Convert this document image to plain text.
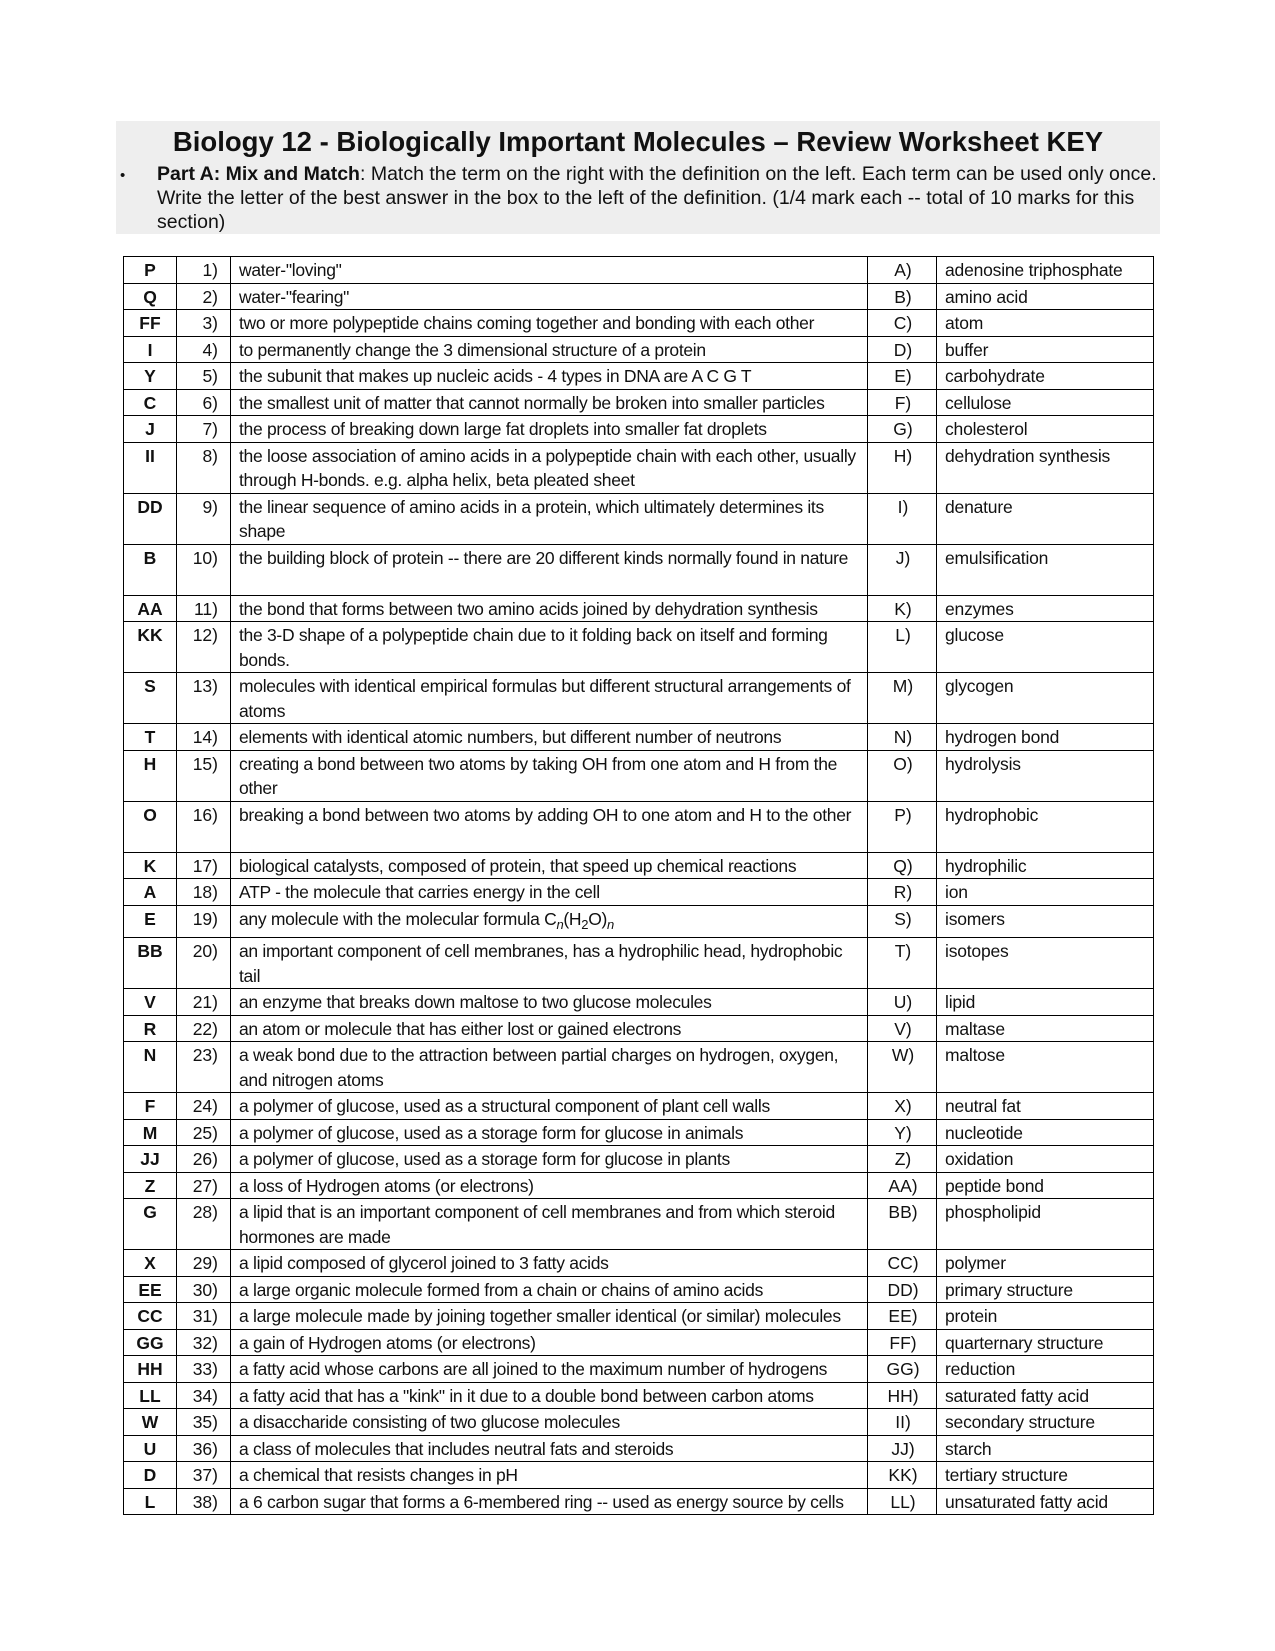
Biology 12 - Biologically Important Molecules – Review Worksheet KEY
• Part A: Mix and Match: Match the term on the right with the definition on the left. Each term can be used only once. Write the letter of the best answer in the box to the left of the definition. (1/4 mark each -- total of 10 marks for this section)
P	1)	water-"loving"	A)	adenosine triphosphate
Q	2)	water-"fearing"	B)	amino acid
FF	3)	two or more polypeptide chains coming together and bonding with each other	C)	atom
I	4)	to permanently change the 3 dimensional structure of a protein	D)	buffer
Y	5)	the subunit that makes up nucleic acids - 4 types in DNA are A C G T	E)	carbohydrate
C	6)	the smallest unit of matter that cannot normally be broken into smaller particles	F)	cellulose
J	7)	the process of breaking down large fat droplets into smaller fat droplets	G)	cholesterol
II	8)	the loose association of amino acids in a polypeptide chain with each other, usually through H-bonds. e.g. alpha helix, beta pleated sheet	H)	dehydration synthesis
DD	9)	the linear sequence of amino acids in a protein, which ultimately determines its shape	I)	denature
B	10)	the building block of protein -- there are 20 different kinds normally found in nature	J)	emulsification
AA	11)	the bond that forms between two amino acids joined by dehydration synthesis	K)	enzymes
KK	12)	the 3-D shape of a polypeptide chain due to it folding back on itself and forming bonds.	L)	glucose
S	13)	molecules with identical empirical formulas but different structural arrangements of atoms	M)	glycogen
T	14)	elements with identical atomic numbers, but different number of neutrons	N)	hydrogen bond
H	15)	creating a bond between two atoms by taking OH from one atom and H from the other	O)	hydrolysis
O	16)	breaking a bond between two atoms by adding OH to one atom and H to the other	P)	hydrophobic
K	17)	biological catalysts, composed of protein, that speed up chemical reactions	Q)	hydrophilic
A	18)	ATP - the molecule that carries energy in the cell	R)	ion
E	19)	any molecule with the molecular formula $C_n(H_2O)_n$	S)	isomers
BB	20)	an important component of cell membranes, has a hydrophilic head, hydrophobic tail	T)	isotopes
V	21)	an enzyme that breaks down maltose to two glucose molecules	U)	lipid
R	22)	an atom or molecule that has either lost or gained electrons	V)	maltase
N	23)	a weak bond due to the attraction between partial charges on hydrogen, oxygen, and nitrogen atoms	W)	maltose
F	24)	a polymer of glucose, used as a structural component of plant cell walls	X)	neutral fat
M	25)	a polymer of glucose, used as a storage form for glucose in animals	Y)	nucleotide
JJ	26)	a polymer of glucose, used as a storage form for glucose in plants	Z)	oxidation
Z	27)	a loss of Hydrogen atoms (or electrons)	AA)	peptide bond
G	28)	a lipid that is an important component of cell membranes and from which steroid hormones are made	BB)	phospholipid
X	29)	a lipid composed of glycerol joined to 3 fatty acids	CC)	polymer
EE	30)	a large organic molecule formed from a chain or chains of amino acids	DD)	primary structure
CC	31)	a large molecule made by joining together smaller identical (or similar) molecules	EE)	protein
GG	32)	a gain of Hydrogen atoms (or electrons)	FF)	quarternary structure
HH	33)	a fatty acid whose carbons are all joined to the maximum number of hydrogens	GG)	reduction
LL	34)	a fatty acid that has a "kink" in it due to a double bond between carbon atoms	HH)	saturated fatty acid
W	35)	a disaccharide consisting of two glucose molecules	II)	secondary structure
U	36)	a class of molecules that includes neutral fats and steroids	JJ)	starch
D	37)	a chemical that resists changes in pH	KK)	tertiary structure
L	38)	a 6 carbon sugar that forms a 6-membered ring -- used as energy source by cells	LL)	unsaturated fatty acid
